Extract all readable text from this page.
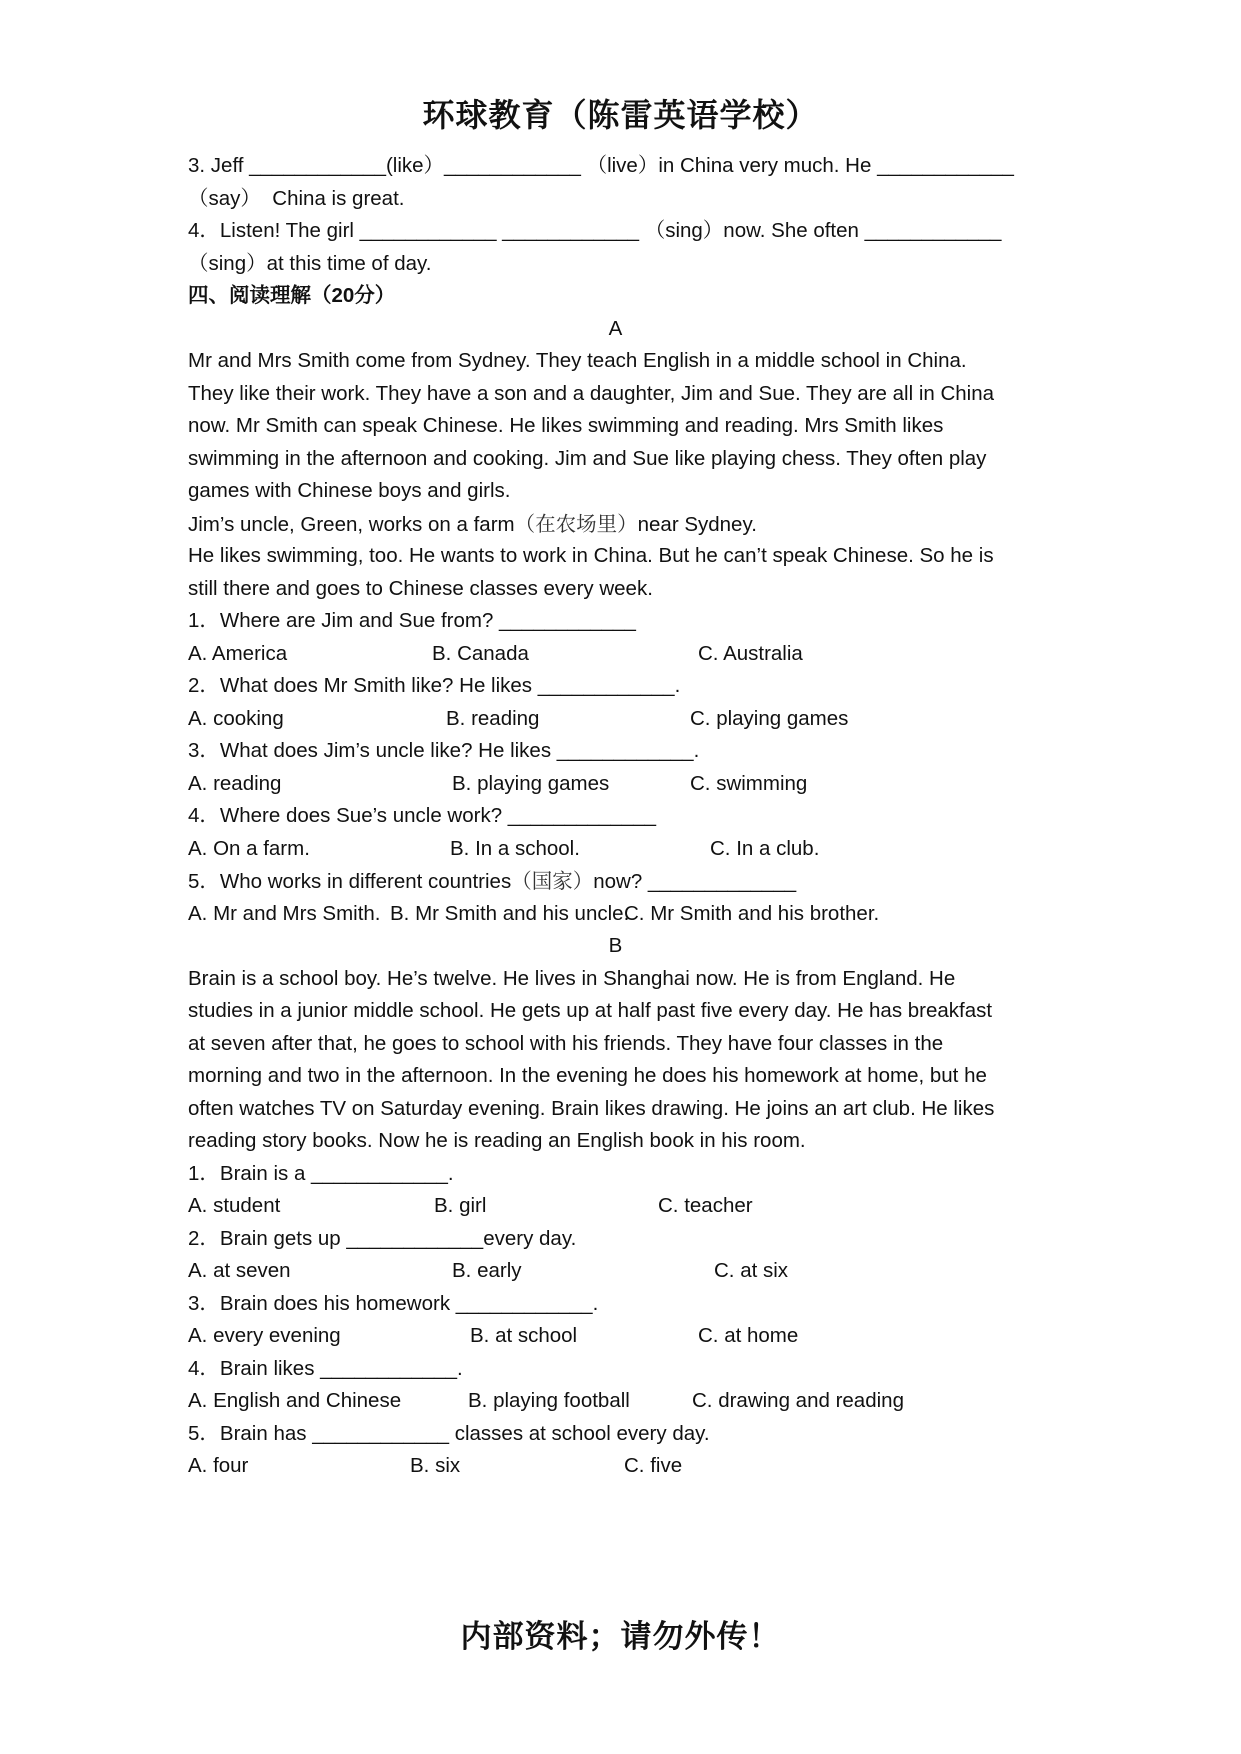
环球教育（陈雷英语学校）
3. Jeff ____________(like）____________ （live）in China very much. He ____________
（say）  China is great.
4．Listen! The girl ____________ ____________ （sing）now. She often ____________
（sing）at this time of day.
四、阅读理解（20分）
A
Mr and Mrs Smith come from Sydney. They teach English in a middle school in China.
They like their work. They have a son and a daughter, Jim and Sue. They are all in China
now. Mr Smith can speak Chinese. He likes swimming and reading. Mrs Smith likes
swimming in the afternoon and cooking. Jim and Sue like playing chess. They often play
games with Chinese boys and girls.
Jim’s uncle, Green, works on a farm（在农场里）near Sydney.
He likes swimming, too. He wants to work in China. But he can’t speak Chinese. So he is
still there and goes to Chinese classes every week.
1．Where are Jim and Sue from? ____________
A. America	B. Canada	C. Australia
2．What does Mr Smith like? He likes ____________.
A. cooking	B. reading	C. playing games
3．What does Jim’s uncle like? He likes ____________.
A. reading	B. playing games	C. swimming
4．Where does Sue’s uncle work? _____________
A. On a farm.	B. In a school.	C. In a club.
5．Who works in different countries（国家）now? _____________
A. Mr and Mrs Smith. B. Mr Smith and his uncle.
C. Mr Smith and his brother.
B
Brain is a school boy. He’s twelve. He lives in Shanghai now. He is from England. He
studies in a junior middle school. He gets up at half past five every day. He has breakfast
at seven after that, he goes to school with his friends. They have four classes in the
morning and two in the afternoon. In the evening he does his homework at home, but he
often watches TV on Saturday evening. Brain likes drawing. He joins an art club. He likes
reading story books. Now he is reading an English book in his room.
1．Brain is a ____________.
A. student	B. girl	C. teacher
2．Brain gets up ____________every day.
A. at seven	B. early	C. at six
3．Brain does his homework ____________.
A. every evening	B. at school	C. at home
4．Brain likes ____________.
A. English and Chinese	B. playing football	C. drawing and reading
5．Brain has ____________ classes at school every day.
A. four	B. six	C. five
内部资料；请勿外传！
